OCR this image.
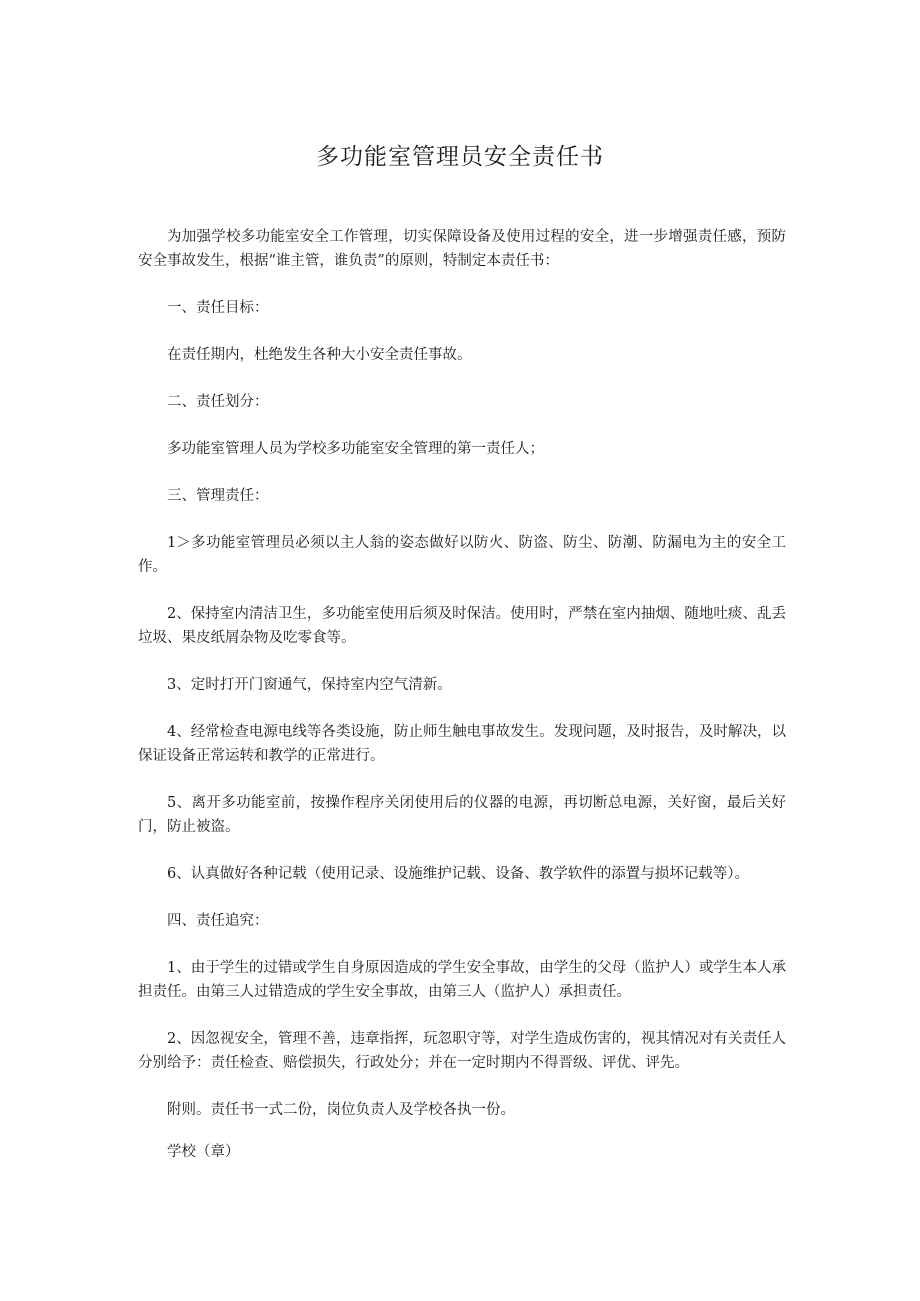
多功能室管理员安全责任书

为加强学校多功能室安全工作管理，切实保障设备及使用过程的安全，进一步增强责任感，预防安全事故发生，根据“谁主管，谁负责”的原则，特制定本责任书：

一、责任目标：

在责任期内，杜绝发生各种大小安全责任事故。

二、责任划分：

多功能室管理人员为学校多功能室安全管理的第一责任人；

三、管理责任：

1＞多功能室管理员必须以主人翁的姿态做好以防火、防盗、防尘、防潮、防漏电为主的安全工作。

2、保持室内清洁卫生，多功能室使用后须及时保洁。使用时，严禁在室内抽烟、随地吐痰、乱丢垃圾、果皮纸屑杂物及吃零食等。

3、定时打开门窗通气，保持室内空气清新。

4、经常检查电源电线等各类设施，防止师生触电事故发生。发现问题，及时报告，及时解决，以保证设备正常运转和教学的正常进行。

5、离开多功能室前，按操作程序关闭使用后的仪器的电源，再切断总电源，关好窗，最后关好门，防止被盗。

6、认真做好各种记载（使用记录、设施维护记载、设备、教学软件的添置与损坏记载等）。

四、责任追究：

1、由于学生的过错或学生自身原因造成的学生安全事故，由学生的父母（监护人）或学生本人承担责任。由第三人过错造成的学生安全事故，由第三人（监护人）承担责任。

2、因忽视安全，管理不善，违章指挥，玩忽职守等，对学生造成伤害的，视其情况对有关责任人分别给予：责任检查、赔偿损失，行政处分；并在一定时期内不得晋级、评优、评先。

附则。责任书一式二份，岗位负责人及学校各执一份。

学校（章）
